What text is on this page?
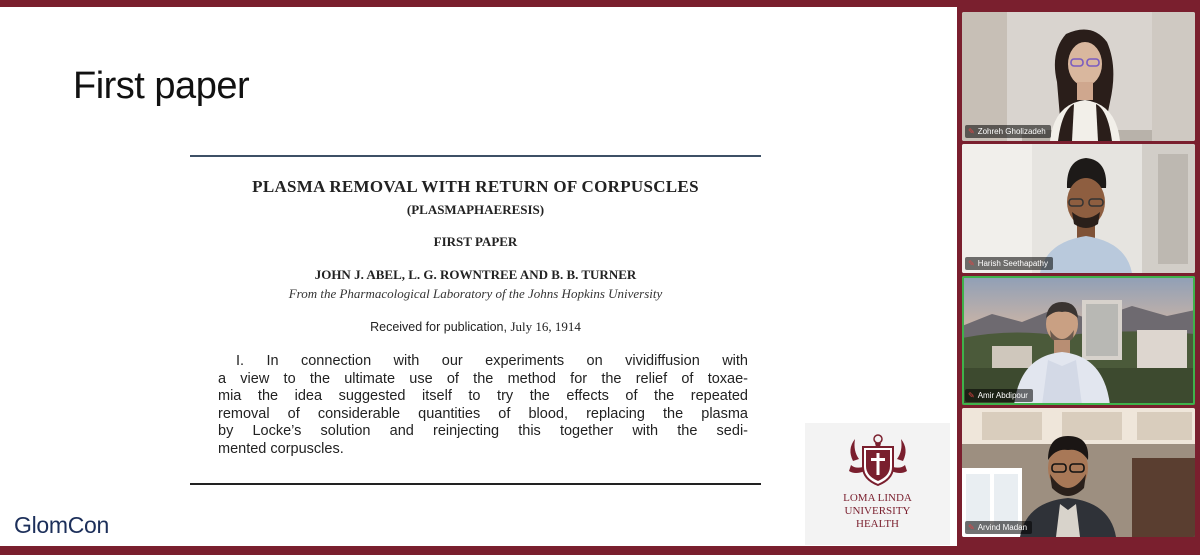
First paper
PLASMA REMOVAL WITH RETURN OF CORPUSCLES
(PLASMAPHAERESIS)
FIRST PAPER
JOHN J. ABEL, L. G. ROWNTREE AND B. B. TURNER
From the Pharmacological Laboratory of the Johns Hopkins University
Received for publication, July 16, 1914
I. In connection with our experiments on vividiffusion with
a view to the ultimate use of the method for the relief of toxae-
mia the idea suggested itself to try the effects of the repeated
removal of considerable quantities of blood, replacing the plasma
by Locke’s solution and reinjecting this together with the sedi-
mented corpuscles.
GlomCon
LOMA LINDA
UNIVERSITY
HEALTH
✎ Zohreh Gholizadeh
✎ Harish Seethapathy
✎ Amir Abdipour
✎ Arvind Madan
